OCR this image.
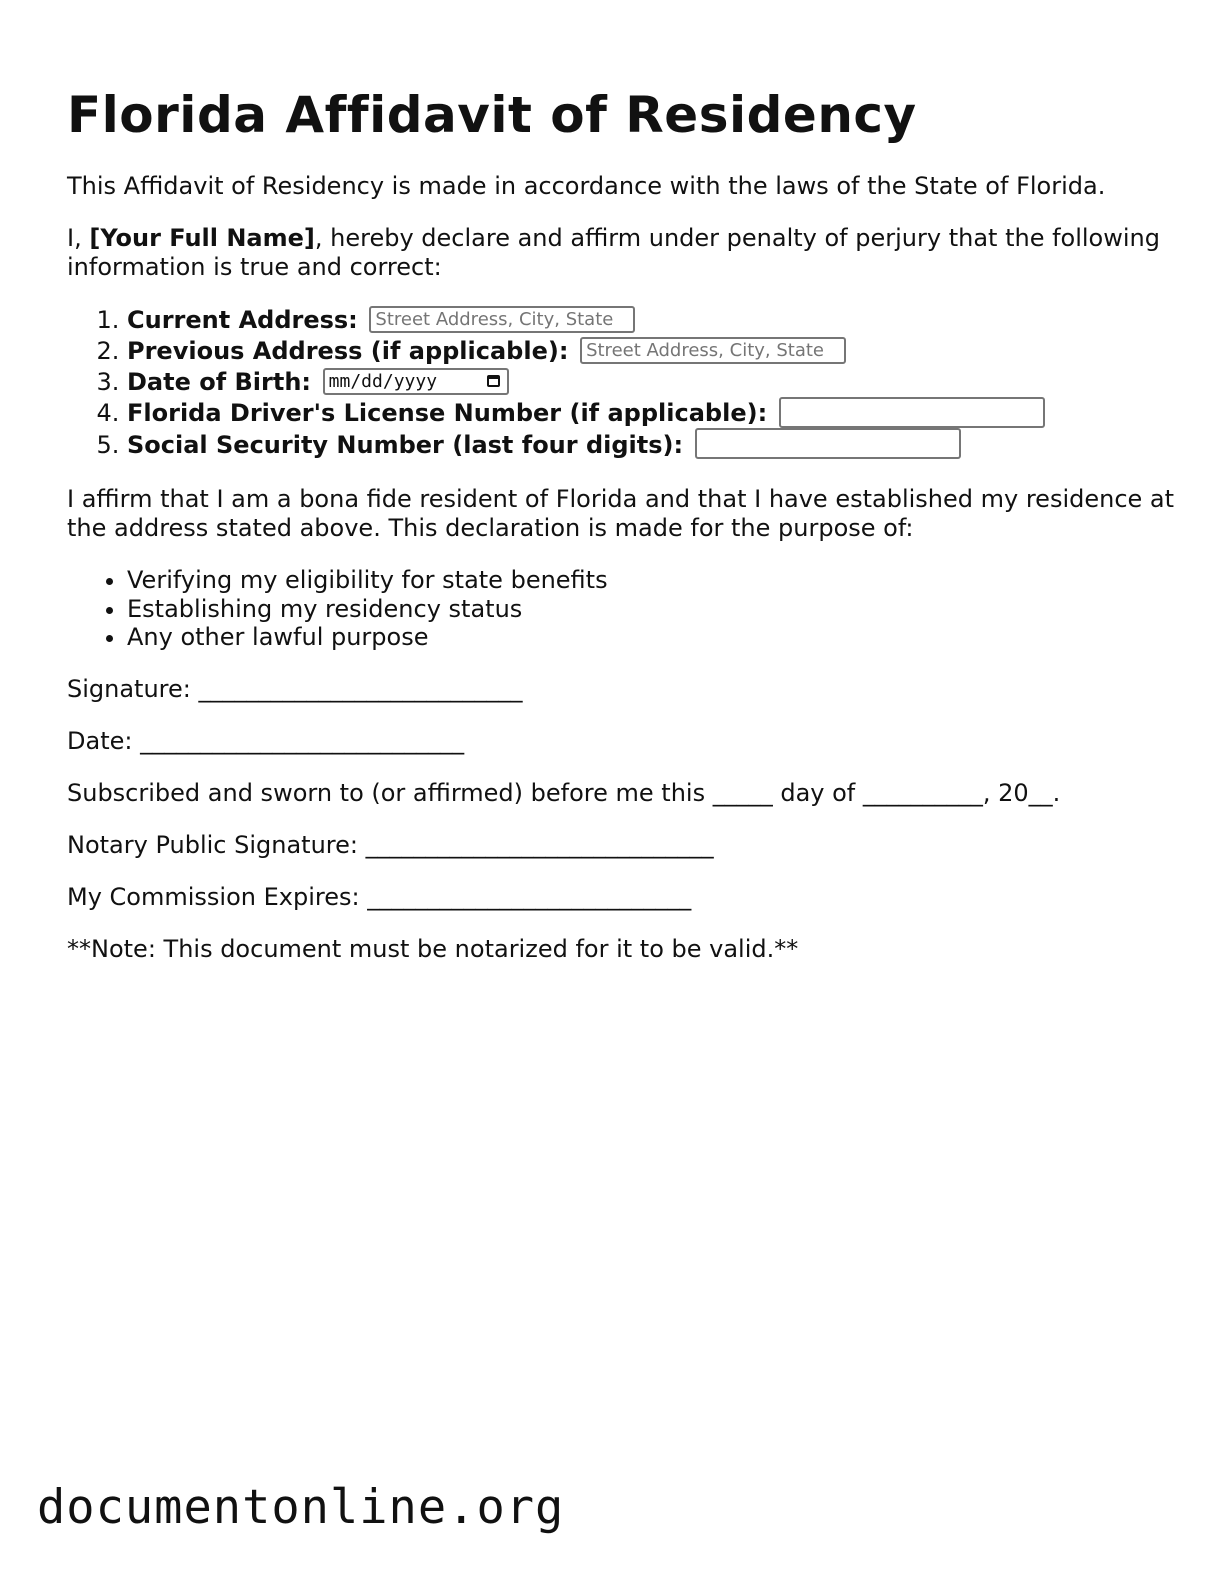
Florida Affidavit of Residency

This Affidavit of Residency is made in accordance with the laws of the State of Florida.

I, [Your Full Name], hereby declare and affirm under penalty of perjury that the following information is true and correct:

1. Current Address: Street Address, City, State
2. Previous Address (if applicable): Street Address, City, State
3. Date of Birth: mm/dd/yyyy
4. Florida Driver's License Number (if applicable):
5. Social Security Number (last four digits):

I affirm that I am a bona fide resident of Florida and that I have established my residence at the address stated above. This declaration is made for the purpose of:

• Verifying my eligibility for state benefits
• Establishing my residency status
• Any other lawful purpose

Signature: ___________________________

Date: ___________________________

Subscribed and sworn to (or affirmed) before me this _____ day of __________, 20__.

Notary Public Signature: _____________________________

My Commission Expires: ___________________________

**Note: This document must be notarized for it to be valid.**

documentonline.org
